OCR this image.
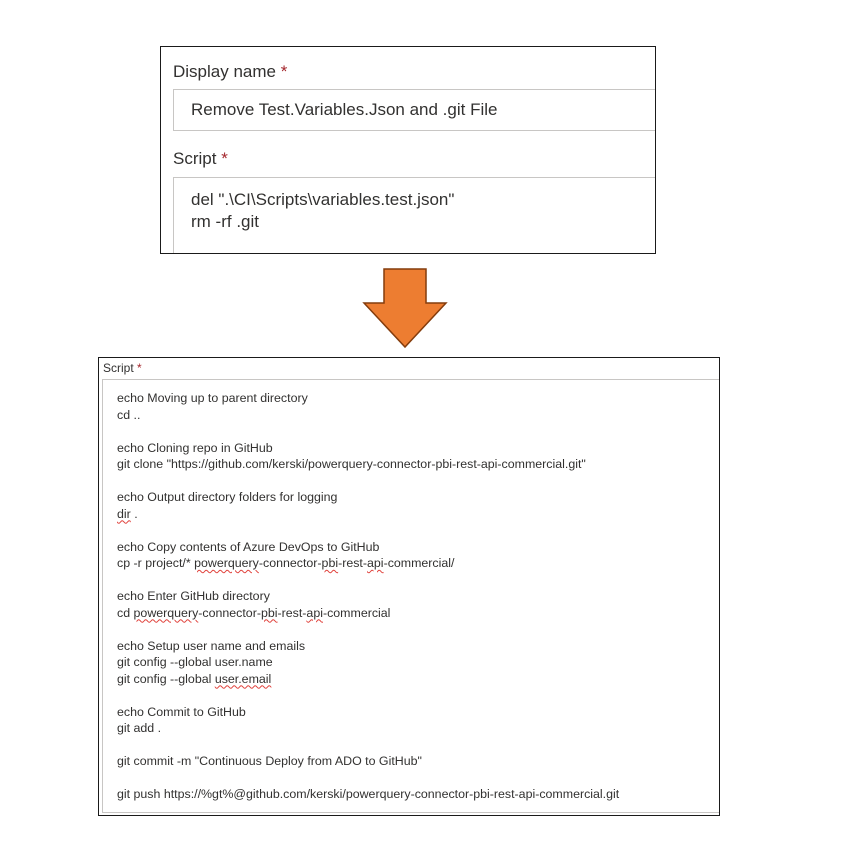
Display name *
Remove Test.Variables.Json and .git File
Script *
del ".\CI\Scripts\variables.test.json"
rm -rf .git
Script *
echo Moving up to parent directory
cd ..
echo Cloning repo in GitHub
git clone "https://github.com/kerski/powerquery-connector-pbi-rest-api-commercial.git"
echo Output directory folders for logging
dir .
echo Copy contents of Azure DevOps to GitHub
cp -r project/* powerquery-connector-pbi-rest-api-commercial/
echo Enter GitHub directory
cd powerquery-connector-pbi-rest-api-commercial
echo Setup user name and emails
git config --global user.name
git config --global user.email
echo Commit to GitHub
git add .
git commit -m "Continuous Deploy from ADO to GitHub"
git push https://%gt%@github.com/kerski/powerquery-connector-pbi-rest-api-commercial.git
